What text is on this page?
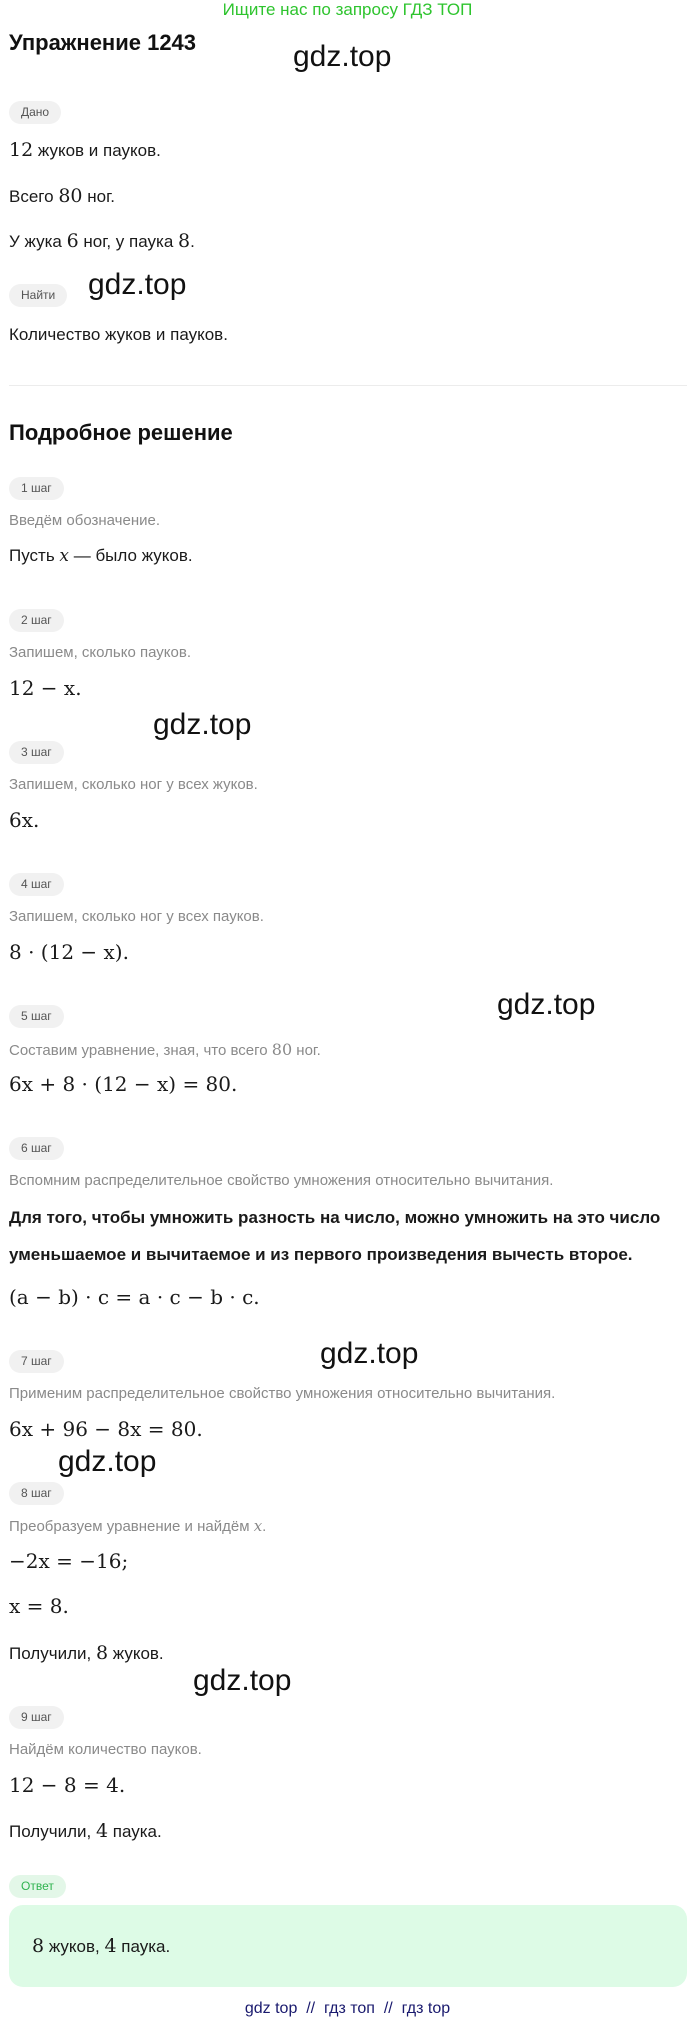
Ищите нас по запросу ГДЗ ТОП
Упражнение 1243	gdz.top
gdz.top
gdz.top
gdz.top
gdz.top
gdz.top
gdz.top
Дано
12 жуков и пауков.
Всего 80 ног.
У жука 6 ног, у паука 8.
Найти
Количество жуков и пауков.
Подробное решение
1 шаг
Введём обозначение.
Пусть x — было жуков.
2 шаг
Запишем, сколько пауков.
12 − x.
3 шаг
Запишем, сколько ног у всех жуков.
6x.
4 шаг
Запишем, сколько ног у всех пауков.
8 · (12 − x).
5 шаг
Составим уравнение, зная, что всего 80 ног.
6x + 8 · (12 − x) = 80.
6 шаг
Вспомним распределительное свойство умножения относительно вычитания.
Для того, чтобы умножить разность на число, можно умножить на это число уменьшаемое и вычитаемое и из первого произведения вычесть второе.
(a − b) · c = a · c − b · c.
7 шаг
Применим распределительное свойство умножения относительно вычитания.
6x + 96 − 8x = 80.
8 шаг
Преобразуем уравнение и найдём x.
−2x = −16;
x = 8.
Получили, 8 жуков.
9 шаг
Найдём количество пауков.
12 − 8 = 4.
Получили, 4 паука.
Ответ
8 жуков, 4 паука.
gdz top  //  гдз топ  //  гдз top
